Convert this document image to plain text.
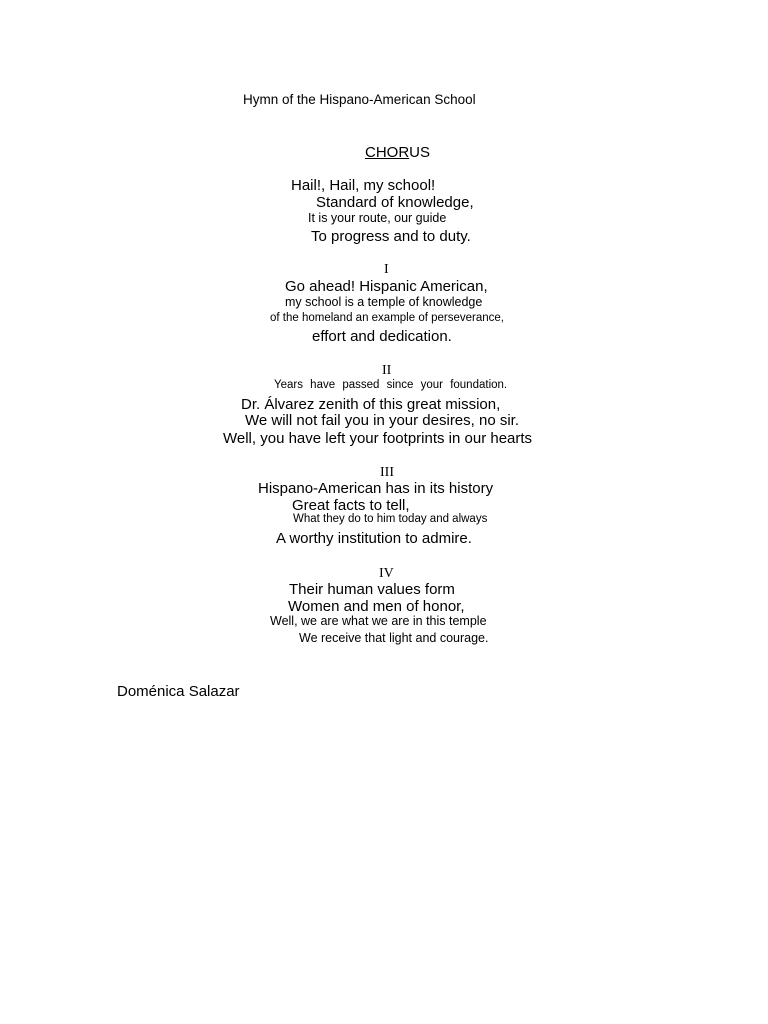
Hymn of the Hispano-American School
CHORUS
Hail!, Hail, my school!
Standard of knowledge,
It is your route, our guide
To progress and to duty.
I
Go ahead! Hispanic American,
my school is a temple of knowledge
of the homeland an example of perseverance,
effort and dedication.
II
Years have passed since your foundation.
Dr. Álvarez zenith of this great mission,
We will not fail you in your desires, no sir.
Well, you have left your footprints in our hearts
III
Hispano-American has in its history
Great facts to tell,
What they do to him today and always
A worthy institution to admire.
IV
Their human values form
Women and men of honor,
Well, we are what we are in this temple
We receive that light and courage.
Doménica Salazar
